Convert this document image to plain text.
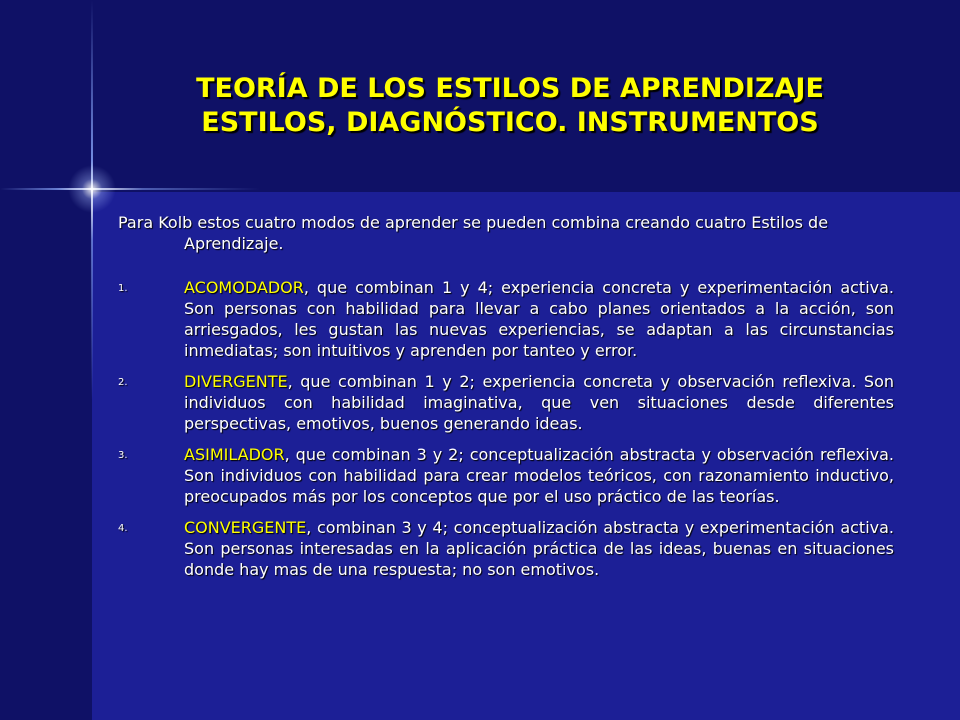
TEORÍA DE LOS ESTILOS DE APRENDIZAJE
ESTILOS, DIAGNÓSTICO. INSTRUMENTOS

Para Kolb estos cuatro modos de aprender se pueden combina creando cuatro Estilos de Aprendizaje.

1.	ACOMODADOR, que combinan 1 y 4; experiencia concreta y experimentación activa. Son personas con habilidad para llevar a cabo planes orientados a la acción, son arriesgados, les gustan las nuevas experiencias, se adaptan a las circunstancias inmediatas; son intuitivos y aprenden por tanteo y error.
2.	DIVERGENTE, que combinan 1 y 2; experiencia concreta y observación reflexiva. Son individuos con habilidad imaginativa, que ven situaciones desde diferentes perspectivas, emotivos, buenos generando ideas.
3.	ASIMILADOR, que combinan 3 y 2; conceptualización abstracta y observación reflexiva. Son individuos con habilidad para crear modelos teóricos, con razonamiento inductivo, preocupados más por los conceptos que por el uso práctico de las teorías.
4.	CONVERGENTE, combinan 3 y 4; conceptualización abstracta y experimentación activa. Son personas interesadas en la aplicación práctica de las ideas, buenas en situaciones donde hay mas de una respuesta; no son emotivos.
